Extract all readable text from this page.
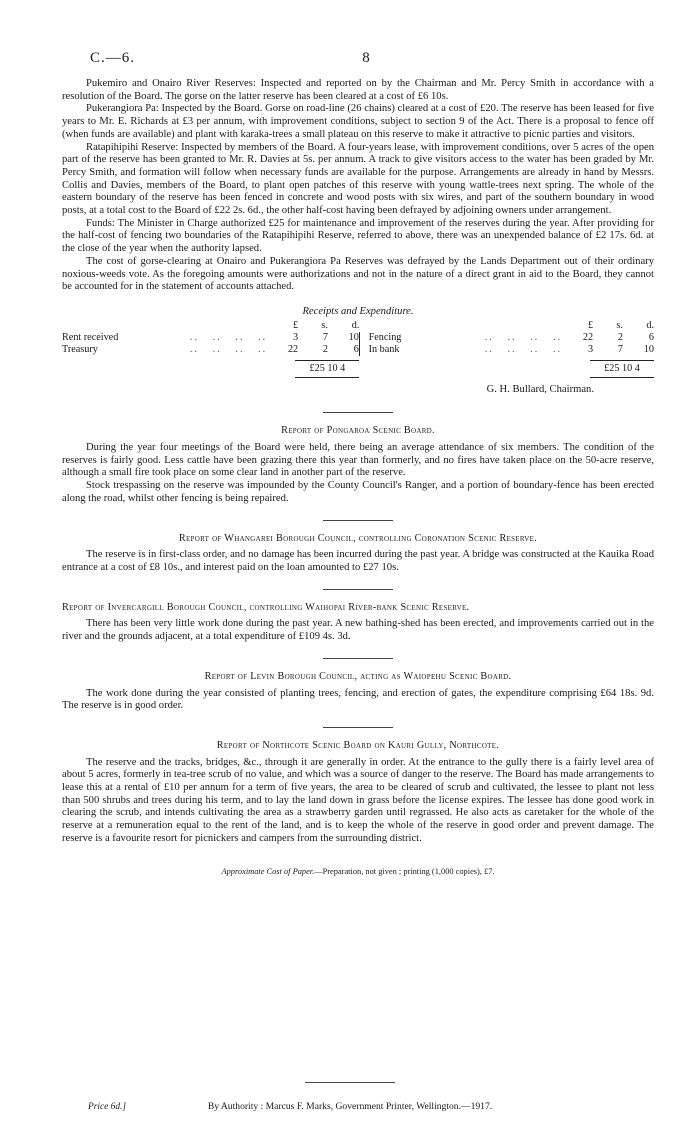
C.—6.	8

Pukemiro and Onairo River Reserves: Inspected and reported on by the Chairman and Mr. Percy Smith in accordance with a resolution of the Board. The gorse on the latter reserve has been cleared at a cost of £6 10s.

Pukerangiora Pa: Inspected by the Board. Gorse on road-line (26 chains) cleared at a cost of £20. The reserve has been leased for five years to Mr. E. Richards at £3 per annum, with improvement conditions, subject to section 9 of the Act. There is a proposal to fence off (when funds are available) and plant with karaka-trees a small plateau on this reserve to make it attractive to picnic parties and visitors.

Ratapihipihi Reserve: Inspected by members of the Board. A four-years lease, with improvement conditions, over 5 acres of the open part of the reserve has been granted to Mr. R. Davies at 5s. per annum. A track to give visitors access to the water has been graded by Mr. Percy Smith, and formation will follow when necessary funds are available for the purpose. Arrangements are already in hand by Messrs. Collis and Davies, members of the Board, to plant open patches of this reserve with young wattle-trees next spring. The whole of the eastern boundary of the reserve has been fenced in concrete and wood posts with six wires, and part of the southern boundary in wood posts, at a total cost to the Board of £22 2s. 6d., the other half-cost having been defrayed by adjoining owners under arrangement.

Funds: The Minister in Charge authorized £25 for maintenance and improvement of the reserves during the year. After providing for the half-cost of fencing two boundaries of the Ratapihipihi Reserve, referred to above, there was an unexpended balance of £2 17s. 6d. at the close of the year when the authority lapsed.

The cost of gorse-clearing at Onairo and Pukerangiora Pa Reserves was defrayed by the Lands Department out of their ordinary noxious-weeds vote. As the foregoing amounts were authorizations and not in the nature of a direct grant in aid to the Board, they cannot be accounted for in the statement of accounts attached.

Receipts and Expenditure.
		£	s.	d.				£	s.	d.
Rent received	..   ..   ..   ..	3	7	10		Fencing	..   ..   ..   ..	22	2	6
Treasury	..   ..   ..   ..	22	2	6		In bank	..   ..   ..   ..	3	7	10
		£25 10 4						£25 10 4		
G. H. Bullard, Chairman.
Report of Pongaroa Scenic Board.

During the year four meetings of the Board were held, there being an average attendance of six members. The condition of the reserves is fairly good. Less cattle have been grazing there this year than formerly, and no fires have taken place on the 50-acre reserve, although a small fire took place on some clear land in another part of the reserve.

Stock trespassing on the reserve was impounded by the County Council's Ranger, and a portion of boundary-fence has been erected along the road, whilst other fencing is being repaired.

Report of Whangarei Borough Council, controlling Coronation Scenic Reserve.

The reserve is in first-class order, and no damage has been incurred during the past year. A bridge was constructed at the Kauika Road entrance at a cost of £8 10s., and interest paid on the loan amounted to £27 10s.

Report of Invercargill Borough Council, controlling Waihopai River-bank Scenic Reserve.

There has been very little work done during the past year. A new bathing-shed has been erected, and improvements carried out in the river and the grounds adjacent, at a total expenditure of £109 4s. 3d.

Report of Levin Borough Council, acting as Waiopehu Scenic Board.

The work done during the year consisted of planting trees, fencing, and erection of gates, the expenditure comprising £64 18s. 9d. The reserve is in good order.

Report of Northcote Scenic Board on Kauri Gully, Northcote.

The reserve and the tracks, bridges, &c., through it are generally in order. At the entrance to the gully there is a fairly level area of about 5 acres, formerly in tea-tree scrub of no value, and which was a source of danger to the reserve. The Board has made arrangements to lease this at a rental of £10 per annum for a term of five years, the area to be cleared of scrub and cultivated, the lessee to plant not less than 500 shrubs and trees during his term, and to lay the land down in grass before the license expires. The lessee has done good work in clearing the scrub, and intends cultivating the area as a strawberry garden until regrassed. He also acts as caretaker for the whole of the reserve at a remuneration equal to the rent of the land, and is to keep the whole of the reserve in good order and prevent damage. The reserve is a favourite resort for picnickers and campers from the surrounding district.

Approximate Cost of Paper.—Preparation, not given ; printing (1,000 copies), £7.
By Authority : Marcus F. Marks, Government Printer, Wellington.—1917.
Price 6d.]
